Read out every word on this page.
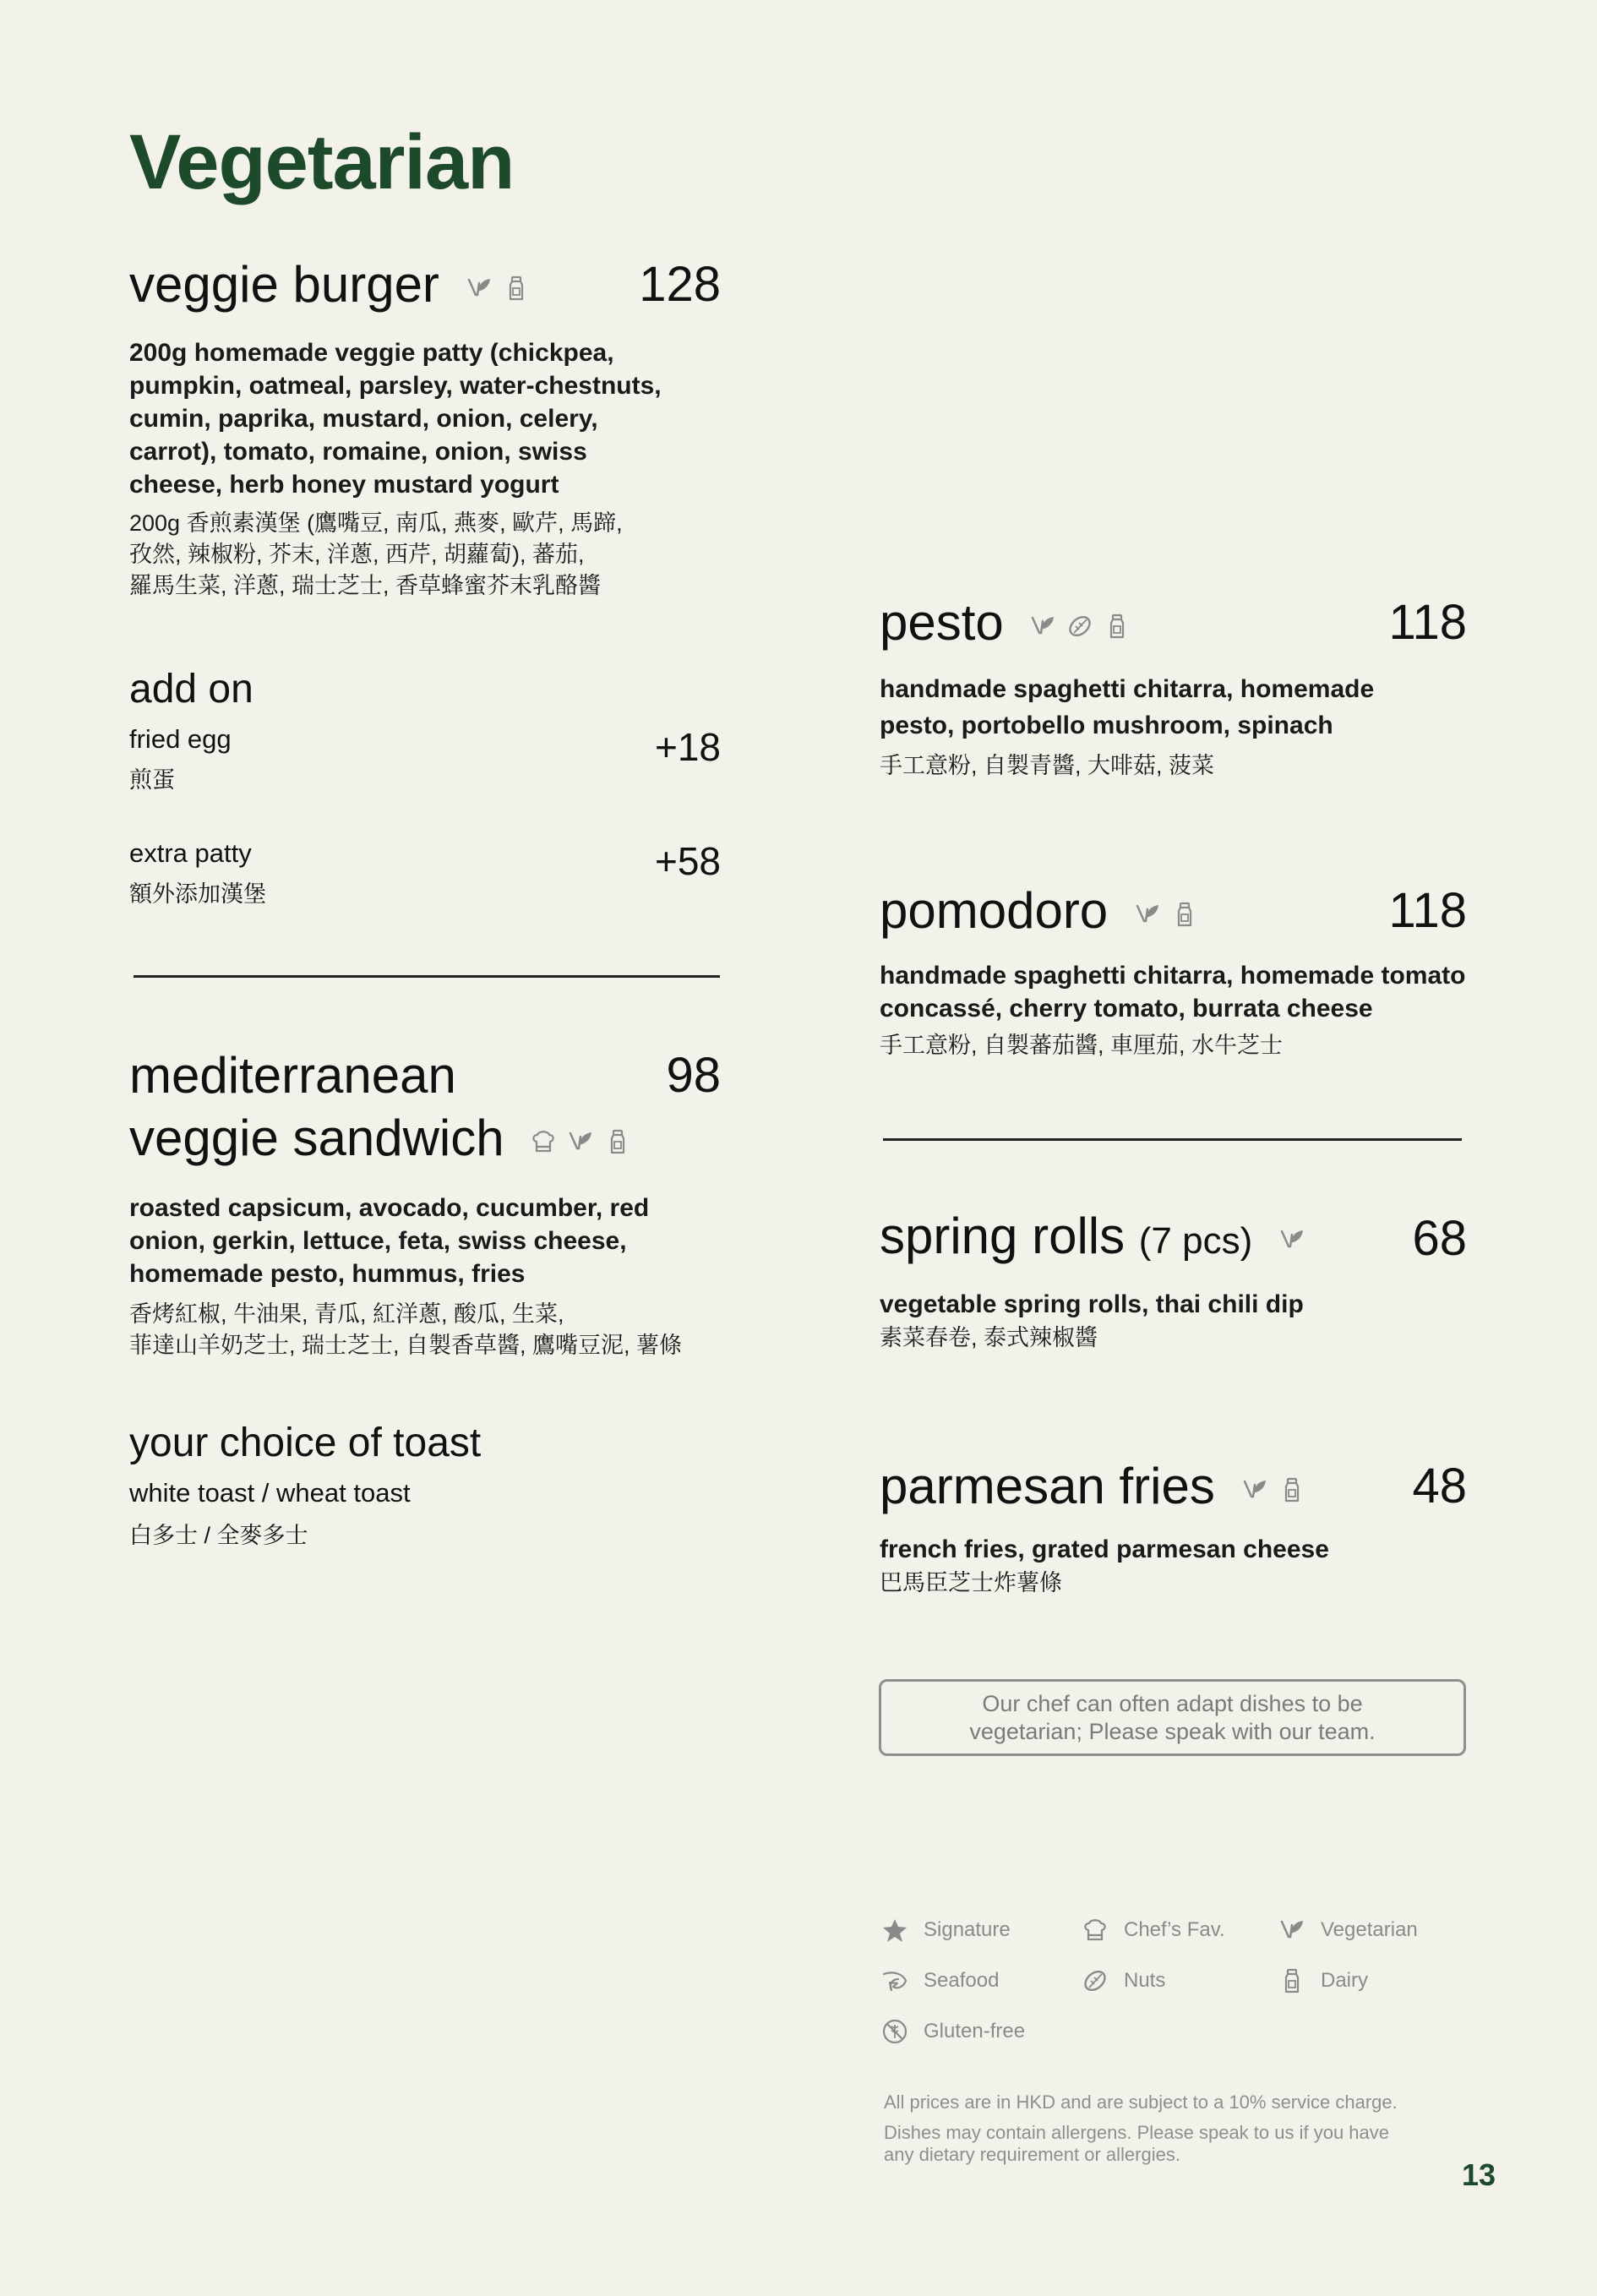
Vegetarian
veggie burger	128
200g homemade veggie patty (chickpea, pumpkin, oatmeal, parsley, water-chestnuts, cumin, paprika, mustard, onion, celery, carrot), tomato, romaine, onion, swiss cheese, herb honey mustard yogurt
200g 香煎素漢堡 (鷹嘴豆, 南瓜, 燕麥, 歐芹, 馬蹄,
孜然, 辣椒粉, 芥末, 洋蔥, 西芹, 胡蘿蔔), 蕃茄,
羅馬生菜, 洋蔥, 瑞士芝士, 香草蜂蜜芥末乳酪醬
add on
fried egg
煎蛋
+18
extra patty
額外添加漢堡
+58
mediterranean
veggie sandwich
98
roasted capsicum, avocado, cucumber, red onion, gerkin, lettuce, feta, swiss cheese, homemade pesto, hummus, fries
香烤紅椒, 牛油果, 青瓜, 紅洋蔥, 酸瓜, 生菜,
菲達山羊奶芝士, 瑞士芝士, 自製香草醬, 鷹嘴豆泥, 薯條
your choice of toast
white toast / wheat toast
白多士 / 全麥多士
pesto	118
handmade spaghetti chitarra, homemade pesto, portobello mushroom, spinach
手工意粉, 自製青醬, 大啡菇, 菠菜
pomodoro	118
handmade spaghetti chitarra, homemade tomato concassé, cherry tomato, burrata cheese
手工意粉, 自製蕃茄醬, 車厘茄, 水牛芝士
spring rolls (7 pcs)	68
vegetable spring rolls, thai chili dip
素菜春卷, 泰式辣椒醬
parmesan fries	48
french fries, grated parmesan cheese
巴馬臣芝士炸薯條
Our chef can often adapt dishes to be vegetarian; Please speak with our team.
Signature	Chef’s Fav.	Vegetarian
Seafood	Nuts	Dairy
Gluten-free
All prices are in HKD and are subject to a 10% service charge.
Dishes may contain allergens. Please speak to us if you have
any dietary requirement or allergies.
13
